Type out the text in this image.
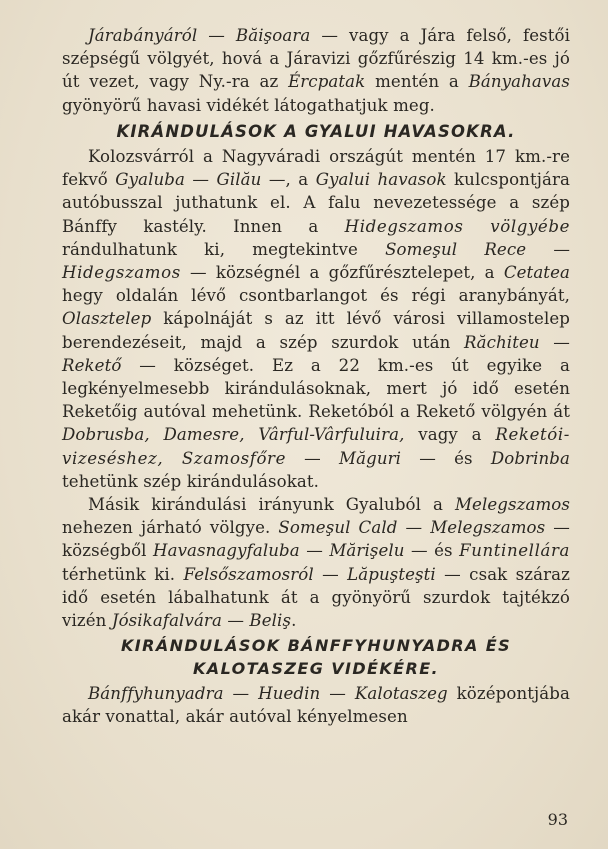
Járabányáról — Băişoara — vagy a Jára felső, festői szépségű völgyét, hová a Járavizi gőzfűrészig 14 km.-es jó út vezet, vagy Ny.-ra az Ércpatak mentén a Bányahavas gyönyörű havasi vidékét látogathatjuk meg.

KIRÁNDULÁSOK A GYALUI HAVASOKRA.

Kolozsvárról a Nagyváradi országút mentén 17 km.-re fekvő Gyaluba — Gilău —, a Gyalui havasok kulcspontjára autóbusszal juthatunk el. A falu nevezetessége a szép Bánffy kastély. Innen a Hidegszamos völgyébe rándulhatunk ki, megtekintve Someşul Rece — Hidegszamos — községnél a gőzfűrésztelepet, a Cetatea hegy oldalán lévő csontbarlangot és régi aranybányát, Olasztelep kápolnáját s az itt lévő városi villamostelep berendezéseit, majd a szép szurdok után Răchiteu — Rekető — községet. Ez a 22 km.-es út egyike a legkényelmesebb kirándulásoknak, mert jó idő esetén Reketőig autóval mehetünk. Reketóból a Rekető völgyén át Dobrusba, Damesre, Vârful-Vârfuluira, vagy a Reketói-vizeséshez, Szamosfőre — Măguri — és Dobrinba tehetünk szép kirándulásokat.

Másik kirándulási irányunk Gyaluból a Melegszamos nehezen járható völgye. Someşul Cald — Melegszamos — községből Havasnagyfaluba — Mărişelu — és Funtinellára térhetünk ki. Felsőszamosról — Lăpuşteşti — csak száraz idő esetén lábalhatunk át a gyönyörű szurdok tajtékzó vizén Jósikafalvára — Beliş.

KIRÁNDULÁSOK BÁNFFYHUNYADRA ÉS
KALOTASZEG VIDÉKÉRE.

Bánffyhunyadra — Huedin — Kalotaszeg középontjába akár vonattal, akár autóval kényelmesen

93
